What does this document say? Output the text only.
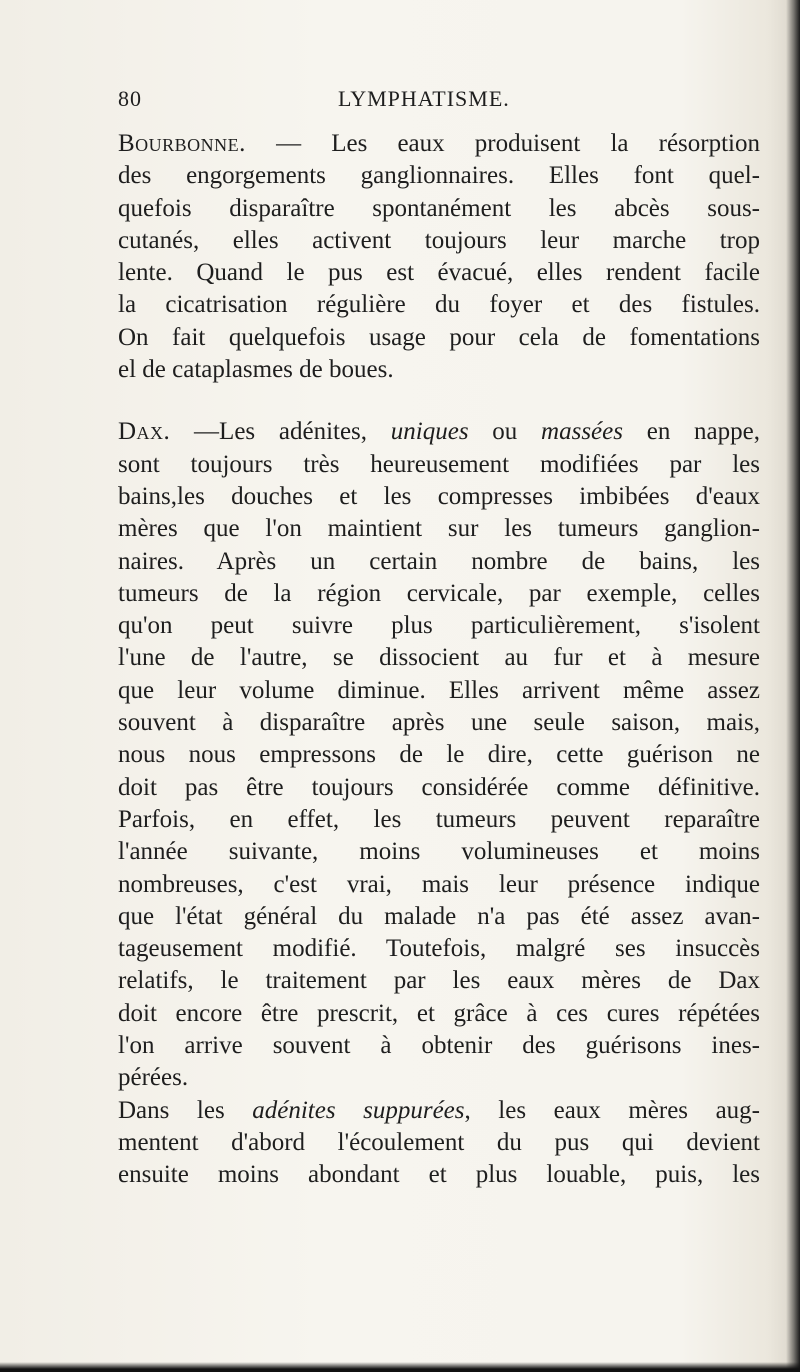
80	LYMPHATISME.
Bourbonne. — Les eaux produisent la résorption
des engorgements ganglionnaires. Elles font quel-
quefois disparaître spontanément les abcès sous-
cutanés, elles activent toujours leur marche trop
lente. Quand le pus est évacué, elles rendent facile
la cicatrisation régulière du foyer et des fistules.
On fait quelquefois usage pour cela de fomentations
el de cataplasmes de boues.
Dax. —Les adénites, uniques ou massées en nappe,
sont toujours très heureusement modifiées par les
bains,les douches et les compresses imbibées d'eaux
mères que l'on maintient sur les tumeurs ganglion-
naires. Après un certain nombre de bains, les
tumeurs de la région cervicale, par exemple, celles
qu'on peut suivre plus particulièrement, s'isolent
l'une de l'autre, se dissocient au fur et à mesure
que leur volume diminue. Elles arrivent même assez
souvent à disparaître après une seule saison, mais,
nous nous empressons de le dire, cette guérison ne
doit pas être toujours considérée comme définitive.
Parfois, en effet, les tumeurs peuvent reparaître
l'année suivante, moins volumineuses et moins
nombreuses, c'est vrai, mais leur présence indique
que l'état général du malade n'a pas été assez avan-
tageusement modifié. Toutefois, malgré ses insuccès
relatifs, le traitement par les eaux mères de Dax
doit encore être prescrit, et grâce à ces cures répétées
l'on arrive souvent à obtenir des guérisons ines-
pérées.
Dans les adénites suppurées, les eaux mères aug-
mentent d'abord l'écoulement du pus qui devient
ensuite moins abondant et plus louable, puis, les
